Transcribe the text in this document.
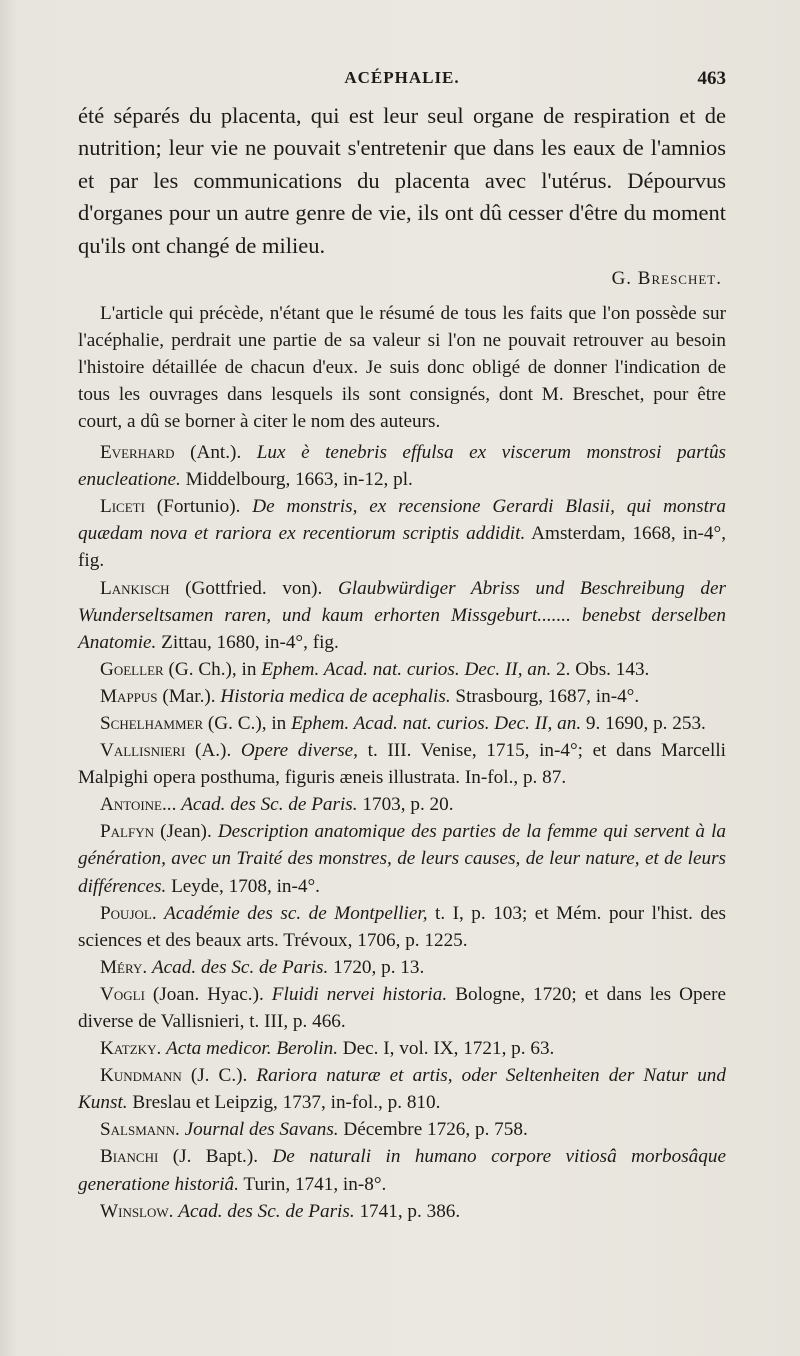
ACÉPHALIE.	463

été séparés du placenta, qui est leur seul organe de respiration et de nutrition; leur vie ne pouvait s'entretenir que dans les eaux de l'amnios et par les communications du placenta avec l'utérus. Dépourvus d'organes pour un autre genre de vie, ils ont dû cesser d'être du moment qu'ils ont changé de milieu.

G. Breschet.

L'article qui précède, n'étant que le résumé de tous les faits que l'on possède sur l'acéphalie, perdrait une partie de sa valeur si l'on ne pouvait retrouver au besoin l'histoire détaillée de chacun d'eux. Je suis donc obligé de donner l'indication de tous les ouvrages dans lesquels ils sont consignés, dont M. Breschet, pour être court, a dû se borner à citer le nom des auteurs.

Everhard (Ant.). Lux è tenebris effulsa ex viscerum monstrosi partûs enucleatione. Middelbourg, 1663, in-12, pl.

Liceti (Fortunio). De monstris, ex recensione Gerardi Blasii, qui monstra quædam nova et rariora ex recentiorum scriptis addidit. Amsterdam, 1668, in-4°, fig.

Lankisch (Gottfried. von). Glaubwürdiger Abriss und Beschreibung der Wunderseltsamen raren, und kaum erhorten Missgeburt....... benebst derselben Anatomie. Zittau, 1680, in-4°, fig.

Goeller (G. Ch.), in Ephem. Acad. nat. curios. Dec. II, an. 2. Obs. 143.

Mappus (Mar.). Historia medica de acephalis. Strasbourg, 1687, in-4°.

Schelhammer (G. C.), in Ephem. Acad. nat. curios. Dec. II, an. 9. 1690, p. 253.

Vallisnieri (A.). Opere diverse, t. III. Venise, 1715, in-4°; et dans Marcelli Malpighi opera posthuma, figuris æneis illustrata. In-fol., p. 87.

Antoine... Acad. des Sc. de Paris. 1703, p. 20.

Palfyn (Jean). Description anatomique des parties de la femme qui servent à la génération, avec un Traité des monstres, de leurs causes, de leur nature, et de leurs différences. Leyde, 1708, in-4°.

Poujol. Académie des sc. de Montpellier, t. I, p. 103; et Mém. pour l'hist. des sciences et des beaux arts. Trévoux, 1706, p. 1225.

Méry. Acad. des Sc. de Paris. 1720, p. 13.

Vogli (Joan. Hyac.). Fluidi nervei historia. Bologne, 1720; et dans les Opere diverse de Vallisnieri, t. III, p. 466.

Katzky. Acta medicor. Berolin. Dec. I, vol. IX, 1721, p. 63.

Kundmann (J. C.). Rariora naturæ et artis, oder Seltenheiten der Natur und Kunst. Breslau et Leipzig, 1737, in-fol., p. 810.

Salsmann. Journal des Savans. Décembre 1726, p. 758.

Bianchi (J. Bapt.). De naturali in humano corpore vitiosâ morbosâque generatione historiâ. Turin, 1741, in-8°.

Winslow. Acad. des Sc. de Paris. 1741, p. 386.
